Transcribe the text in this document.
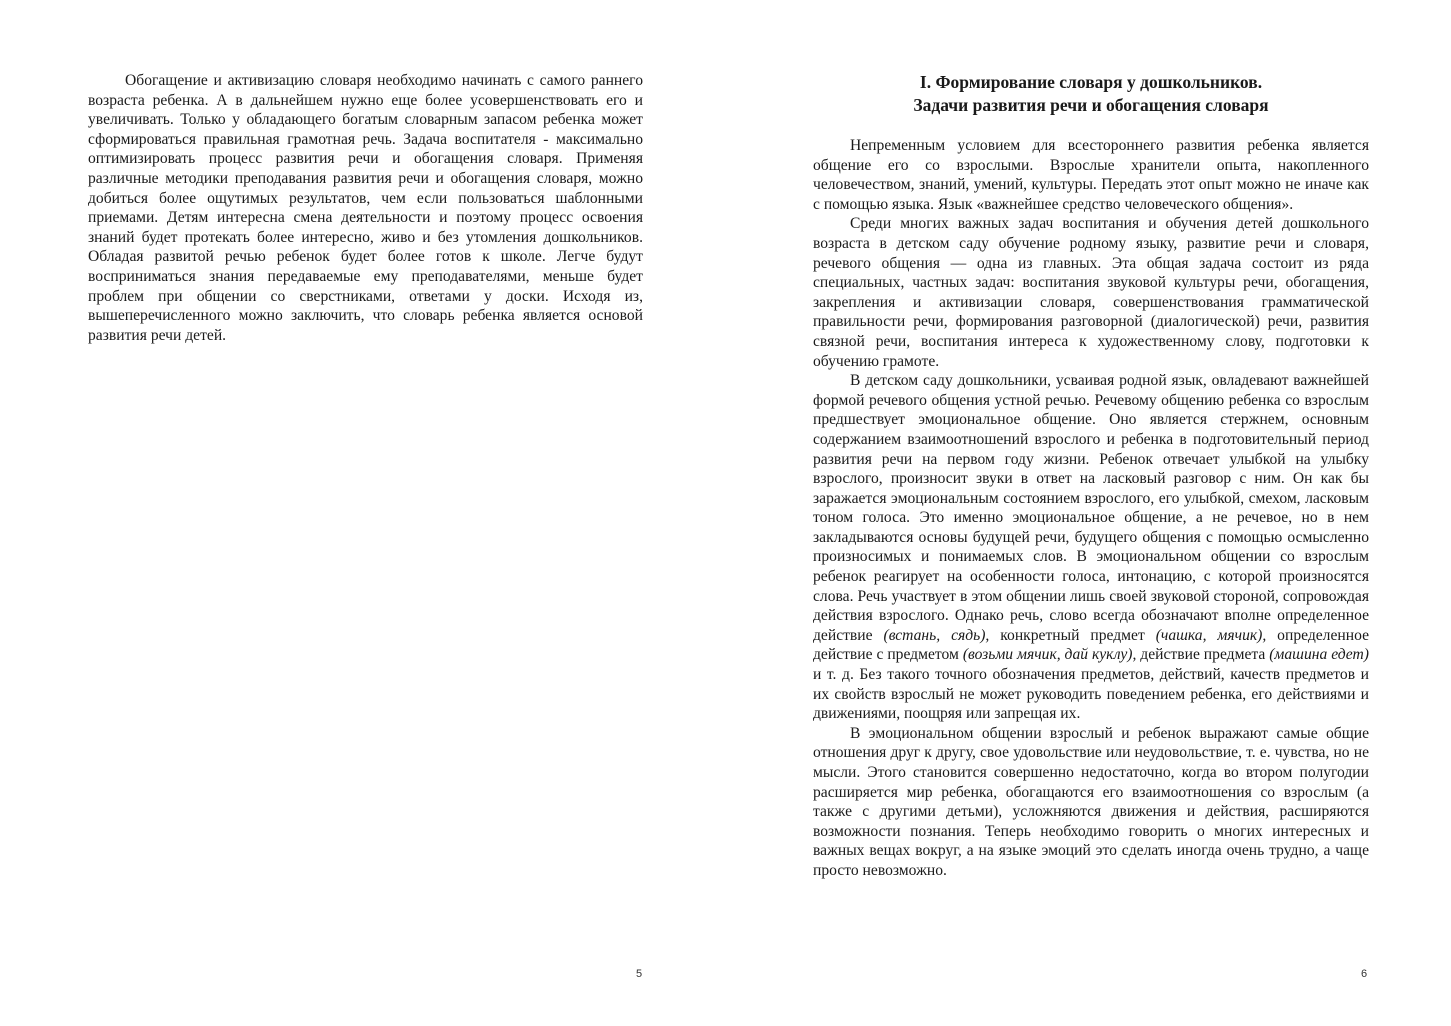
Обогащение и активизацию словаря необходимо начинать с самого раннего возраста ребенка. А в дальнейшем нужно еще более усовершенствовать его и увеличивать. Только у обладающего богатым словарным запасом ребенка может сформироваться правильная грамотная речь. Задача воспитателя - максимально оптимизировать процесс развития речи и обогащения словаря. Применяя различные методики преподавания развития речи и обогащения словаря, можно добиться более ощутимых результатов, чем если пользоваться шаблонными приемами. Детям интересна смена деятельности и поэтому процесс освоения знаний будет протекать более интересно, живо и без утомления дошкольников. Обладая развитой речью ребенок будет более готов к школе. Легче будут восприниматься знания передаваемые ему преподавателями, меньше будет проблем при общении со сверстниками, ответами у доски. Исходя из, вышеперечисленного можно заключить, что словарь ребенка является основой развития речи детей.

5
I. Формирование словаря у дошкольников.
Задачи развития речи и обогащения словаря

Непременным условием для всестороннего развития ребенка является общение его со взрослыми. Взрослые хранители опыта, накопленного человечеством, знаний, умений, культуры. Передать этот опыт можно не иначе как с помощью языка. Язык «важнейшее средство человеческого общения».

Среди многих важных задач воспитания и обучения детей дошкольного возраста в детском саду обучение родному языку, развитие речи и словаря, речевого общения — одна из главных. Эта общая задача состоит из ряда специальных, частных задач: воспитания звуковой культуры речи, обогащения, закрепления и активизации словаря, совершенствования грамматической правильности речи, формирования разговорной (диалогической) речи, развития связной речи, воспитания интереса к художественному слову, подготовки к обучению грамоте.

В детском саду дошкольники, усваивая родной язык, овладевают важнейшей формой речевого общения устной речью. Речевому общению ребенка со взрослым предшествует эмоциональное общение. Оно является стержнем, основным содержанием взаимоотношений взрослого и ребенка в подготовительный период развития речи на первом году жизни. Ребенок отвечает улыбкой на улыбку взрослого, произносит звуки в ответ на ласковый разговор с ним. Он как бы заражается эмоциональным состоянием взрослого, его улыбкой, смехом, ласковым тоном голоса. Это именно эмоциональное общение, а не речевое, но в нем закладываются основы будущей речи, будущего общения с помощью осмысленно произносимых и понимаемых слов. В эмоциональном общении со взрослым ребенок реагирует на особенности голоса, интонацию, с которой произносятся слова. Речь участвует в этом общении лишь своей звуковой стороной, сопровождая действия взрослого. Однако речь, слово всегда обозначают вполне определенное действие (встань, сядь), конкретный предмет (чашка, мячик), определенное действие с предметом (возьми мячик, дай куклу), действие предмета (машина едет) и т. д. Без такого точного обозначения предметов, действий, качеств предметов и их свойств взрослый не может руководить поведением ребенка, его действиями и движениями, поощряя или запрещая их.

В эмоциональном общении взрослый и ребенок выражают самые общие отношения друг к другу, свое удовольствие или неудовольствие, т. е. чувства, но не мысли. Этого становится совершенно недостаточно, когда во втором полугодии расширяется мир ребенка, обогащаются его взаимоотношения со взрослым (а также с другими детьми), усложняются движения и действия, расширяются возможности познания. Теперь необходимо говорить о многих интересных и важных вещах вокруг, а на языке эмоций это сделать иногда очень трудно, а чаще просто невозможно.

6
